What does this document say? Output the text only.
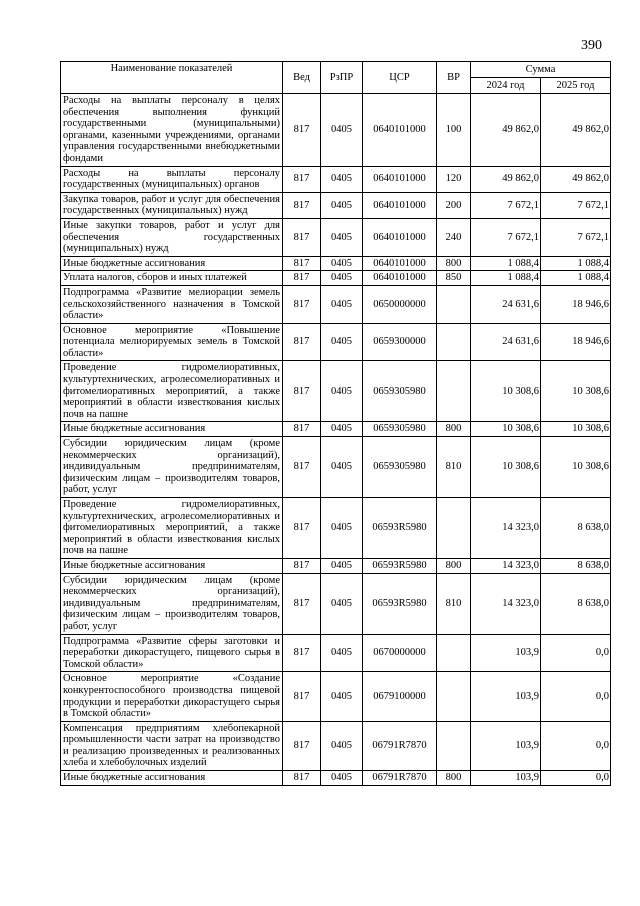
390
Наименование показателей	Вед	РзПР	ЦСР	ВР	Сумма	
					2024 год	2025 год
Расходы на выплаты персоналу в целях обеспечения выполнения функций государственными (муниципальными) органами, казенными учреждениями, органами управления государственными внебюджетными фондами	817	0405	0640101000	100	49 862,0	49 862,0
Расходы на выплаты персоналу государственных (муниципальных) органов	817	0405	0640101000	120	49 862,0	49 862,0
Закупка товаров, работ и услуг для обеспечения государственных (муниципальных) нужд	817	0405	0640101000	200	7 672,1	7 672,1
Иные закупки товаров, работ и услуг для обеспечения государственных (муниципальных) нужд	817	0405	0640101000	240	7 672,1	7 672,1
Иные бюджетные ассигнования	817	0405	0640101000	800	1 088,4	1 088,4
Уплата налогов, сборов и иных платежей	817	0405	0640101000	850	1 088,4	1 088,4
Подпрограмма «Развитие мелиорации земель сельскохозяйственного назначения в Томской области»	817	0405	0650000000		24 631,6	18 946,6
Основное мероприятие «Повышение потенциала мелиорируемых земель в Томской области»	817	0405	0659300000		24 631,6	18 946,6
Проведение гидромелиоративных, культуртехнических, агролесомелиоративных и фитомелиоративных мероприятий, а также мероприятий в области известкования кислых почв на пашне	817	0405	0659305980		10 308,6	10 308,6
Иные бюджетные ассигнования	817	0405	0659305980	800	10 308,6	10 308,6
Субсидии юридическим лицам (кроме некоммерческих организаций), индивидуальным предпринимателям, физическим лицам – производителям товаров, работ, услуг	817	0405	0659305980	810	10 308,6	10 308,6
Проведение гидромелиоративных, культуртехнических, агролесомелиоративных и фитомелиоративных мероприятий, а также мероприятий в области известкования кислых почв на пашне	817	0405	06593R5980		14 323,0	8 638,0
Иные бюджетные ассигнования	817	0405	06593R5980	800	14 323,0	8 638,0
Субсидии юридическим лицам (кроме некоммерческих организаций), индивидуальным предпринимателям, физическим лицам – производителям товаров, работ, услуг	817	0405	06593R5980	810	14 323,0	8 638,0
Подпрограмма «Развитие сферы заготовки и переработки дикорастущего, пищевого сырья в Томской области»	817	0405	0670000000		103,9	0,0
Основное мероприятие «Создание конкурентоспособного производства пищевой продукции и переработки дикорастущего сырья в Томской области»	817	0405	0679100000		103,9	0,0
Компенсация предприятиям хлебопекарной промышленности части затрат на производство и реализацию произведенных и реализованных хлеба и хлебобулочных изделий	817	0405	06791R7870		103,9	0,0
Иные бюджетные ассигнования	817	0405	06791R7870	800	103,9	0,0
